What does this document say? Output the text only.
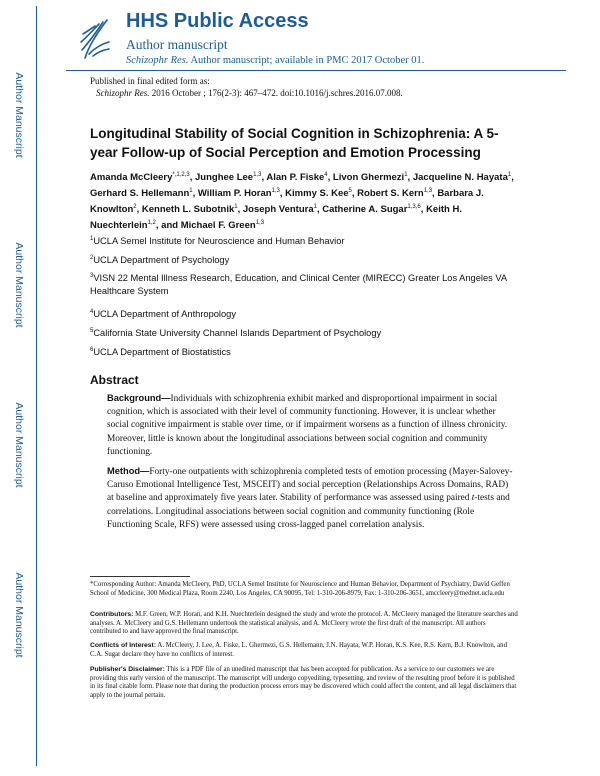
Author Manuscript
Author Manuscript
Author Manuscript
Author Manuscript
HHS Public Access
Author manuscript
Schizophr Res. Author manuscript; available in PMC 2017 October 01.
Published in final edited form as:
Schizophr Res. 2016 October ; 176(2-3): 467–472. doi:10.1016/j.schres.2016.07.008.
Longitudinal Stability of Social Cognition in Schizophrenia: A 5-year Follow-up of Social Perception and Emotion Processing
Amanda McCleery$^{*,1,2,3}$, Junghee Lee$^{1,3}$, Alan P. Fiske$^4$, Livon Ghermezi$^1$, Jacqueline N. Hayata$^1$, Gerhard S. Hellemann$^1$, William P. Horan$^{1,3}$, Kimmy S. Kee$^5$, Robert S. Kern$^{1,3}$, Barbara J. Knowlton$^2$, Kenneth L. Subotnik$^1$, Joseph Ventura$^1$, Catherine A. Sugar$^{1,3,6}$, Keith H. Nuechterlein$^{1,2}$, and Michael F. Green$^{1,3}$
$^1$UCLA Semel Institute for Neuroscience and Human Behavior
$^2$UCLA Department of Psychology
$^3$VISN 22 Mental Illness Research, Education, and Clinical Center (MIRECC) Greater Los Angeles VA Healthcare System
$^4$UCLA Department of Anthropology
$^5$California State University Channel Islands Department of Psychology
$^6$UCLA Department of Biostatistics
Abstract
Background—Individuals with schizophrenia exhibit marked and disproportional impairment in social cognition, which is associated with their level of community functioning. However, it is unclear whether social cognitive impairment is stable over time, or if impairment worsens as a function of illness chronicity. Moreover, little is known about the longitudinal associations between social cognition and community functioning.
Method—Forty-one outpatients with schizophrenia completed tests of emotion processing (Mayer-Salovey-Caruso Emotional Intelligence Test, MSCEIT) and social perception (Relationships Across Domains, RAD) at baseline and approximately five years later. Stability of performance was assessed using paired t-tests and correlations. Longitudinal associations between social cognition and community functioning (Role Functioning Scale, RFS) were assessed using cross-lagged panel correlation analysis.
*Corresponding Author: Amanda McCleery, PhD, UCLA Semel Institute for Neuroscience and Human Behavior, Department of Psychiatry, David Geffen School of Medicine, 300 Medical Plaza, Room 2240, Los Angeles, CA 90095, Tel: 1-310-206-8979, Fax: 1-310-206-3651, amccleery@mednet.ucla.edu
Contributors: M.F. Green, W.P. Horan, and K.H. Nuechterlein designed the study and wrote the protocol. A. McCleery managed the literature searches and analyses. A. McCleery and G.S. Hellemann undertook the statistical analysis, and A. McCleery wrote the first draft of the manuscript. All authors contributed to and have approved the final manuscript.
Conflicts of Interest: A. McCleery, J. Lee, A. Fiske, L. Ghermezi, G.S. Hellemann, J.N. Hayata, W.P. Horan, K.S. Kee, R.S. Kern, B.J. Knowlton, and C.A. Sugar declare they have no conflicts of interest.
Publisher's Disclaimer: This is a PDF file of an unedited manuscript that has been accepted for publication. As a service to our customers we are providing this early version of the manuscript. The manuscript will undergo copyediting, typesetting, and review of the resulting proof before it is published in its final citable form. Please note that during the production process errors may be discovered which could affect the content, and all legal disclaimers that apply to the journal pertain.
